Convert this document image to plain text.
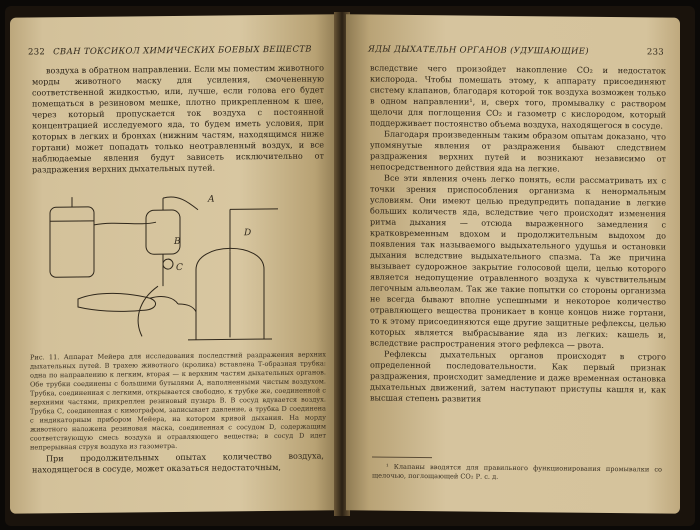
232 СВАН ТОКСИКОЛ ХИМИЧЕСКИХ БОЕВЫХ ВЕЩЕСТВ

воздуха в обратном направлении. Если мы поместим животного морды животного маску для усиления, смочененную соответственной жидкостью, или, лучше, если голова его будет помещаться в резиновом мешке, плотно прикрепленном к шее, через который пропускается ток воздуха с постоянной концентрацией исследуемого яда, то будем иметь условия, при которых в легких и бронхах (нижним частям, находящимся ниже гортани) может попадать только неотравленный воздух, и все наблюдаемые явления будут зависеть исключительно от раздражения верхних дыхательных путей.

A
B
C
D

Рис. 11. Аппарат Мейера для исследования последствий раздражения верхних дыхательных путей. В трахею животного (кролика) вставлена Т-образная трубка: одна по направлению к легким, вторая — к верхним частям дыхательных органов. Обе трубки соединены с большими бутылями А, наполненными чистым воздухом. Трубка, соединенная с легкими, открывается свободно, к трубке же, соединенной с верхними частями, прикреплен резиновый пузырь В. В сосуд вдувается воздух. Трубка С, соединенная с кимографом, записывает давление, а трубка D соединена с индикаторным прибором Мейера, на котором кривой дыхания. На морду животного наложена резиновая маска, соединенная с сосудом D, содержащим соответствующую смесь воздуха и отравляющего вещества; в сосуд D идет непрерывная струя воздуха из газометра.

При продолжительных опытах количество воздуха, находящегося в сосуде, может оказаться недостаточным,

233
ЯДЫ ДЫХАТЕЛЬН ОРГАНОВ (УДУШАЮЩИЕ)

вследствие чего произойдет накопление CO₂ и недостаток кислорода. Чтобы помешать этому, к аппарату присоединяют систему клапанов, благодаря которой ток воздуха возможен только в одном направлении¹, и, сверх того, промывалку с раствором щелочи для поглощения CO₂ и газометр с кислородом, который поддерживает постоянство объема воздуха, находящегося в сосуде.

Благодаря произведенным таким образом опытам доказано, что упомянутые явления от раздражения бывают следствием раздражения верхних путей и возникают независимо от непосредственного действия яда на легкие.

Все эти явления очень легко понять, если рассматривать их с точки зрения приспособления организма к ненормальным условиям. Они имеют целью предупредить попадание в легкие больших количеств яда, вследствие чего происходят изменения ритма дыхания — отсюда выраженного замедления с кратковременным вдохом и продолжительным выдохом до появления так называемого выдыхательного удушья и остановки дыхания вследствие выдыхательного спазма. Та же причина вызывает судорожное закрытие голосовой щели, целью которого является недопущение отравленного воздуха к чувствительным легочным альвеолам. Так же такие попытки со стороны организма не всегда бывают вполне успешными и некоторое количество отравляющего вещества проникает в конце концов ниже гортани, то к этому присоединяются еще другие защитные рефлексы, целью которых является выбрасывание яда из легких: кашель и, вследствие распространения этого рефлекса — рвота.

Рефлексы дыхательных органов происходят в строго определенной последовательности. Как первый признак раздражения, происходит замедление и даже временная остановка дыхательных движений, затем наступают приступы кашля и, как высшая степень развития

¹ Клапаны вводятся для правильного функционирования промывалки со щелочью, поглощающей CO₂ Р. с. д.
